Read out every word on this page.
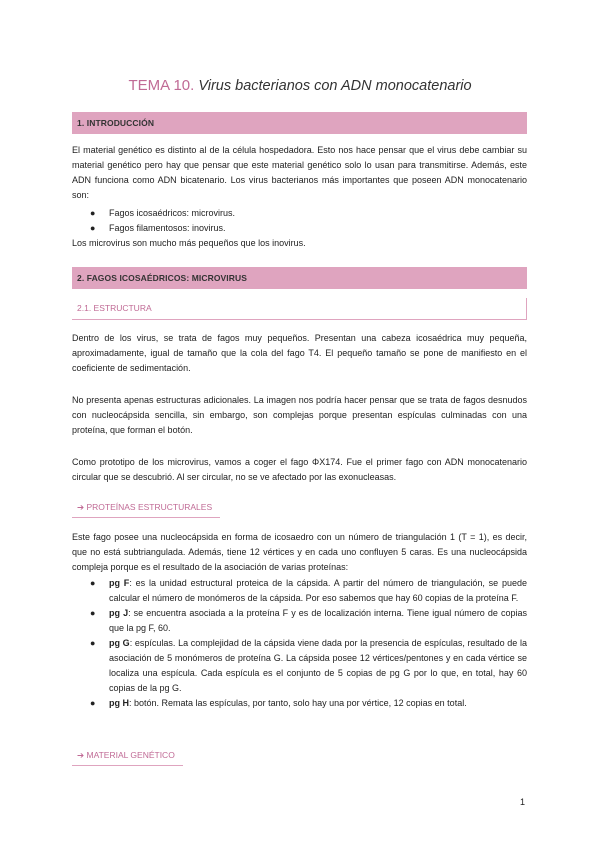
TEMA 10. Virus bacterianos con ADN monocatenario
1. INTRODUCCIÓN
El material genético es distinto al de la célula hospedadora. Esto nos hace pensar que el virus debe cambiar su material genético pero hay que pensar que este material genético solo lo usan para transmitirse. Además, este ADN funciona como ADN bicatenario. Los virus bacterianos más importantes que poseen ADN monocatenario son:
● Fagos icosaédricos: microvirus.
● Fagos filamentosos: inovirus.
Los microvirus son mucho más pequeños que los inovirus.
2. FAGOS ICOSAÉDRICOS: MICROVIRUS
2.1. ESTRUCTURA
Dentro de los virus, se trata de fagos muy pequeños. Presentan una cabeza icosaédrica muy pequeña, aproximadamente, igual de tamaño que la cola del fago T4. El pequeño tamaño se pone de manifiesto en el coeficiente de sedimentación.
No presenta apenas estructuras adicionales. La imagen nos podría hacer pensar que se trata de fagos desnudos con nucleocápsida sencilla, sin embargo, son complejas porque presentan espículas culminadas con una proteína, que forman el botón.
Como prototipo de los microvirus, vamos a coger el fago ΦX174. Fue el primer fago con ADN monocatenario circular que se descubrió. Al ser circular, no se ve afectado por las exonucleasas.
➔ PROTEÍNAS ESTRUCTURALES
Este fago posee una nucleocápsida en forma de icosaedro con un número de triangulación 1 (T = 1), es decir, que no está subtriangulada. Además, tiene 12 vértices y en cada uno confluyen 5 caras. Es una nucleocápsida compleja porque es el resultado de la asociación de varias proteínas:
● pg F: es la unidad estructural proteica de la cápsida. A partir del número de triangulación, se puede calcular el número de monómeros de la cápsida. Por eso sabemos que hay 60 copias de la proteína F.
● pg J: se encuentra asociada a la proteína F y es de localización interna. Tiene igual número de copias que la pg F, 60.
● pg G: espículas. La complejidad de la cápsida viene dada por la presencia de espículas, resultado de la asociación de 5 monómeros de proteína G. La cápsida posee 12 vértices/pentones y en cada vértice se localiza una espícula. Cada espícula es el conjunto de 5 copias de pg G por lo que, en total, hay 60 copias de la pg G.
● pg H: botón. Remata las espículas, por tanto, solo hay una por vértice, 12 copias en total.
➔ MATERIAL GENÉTICO
1
